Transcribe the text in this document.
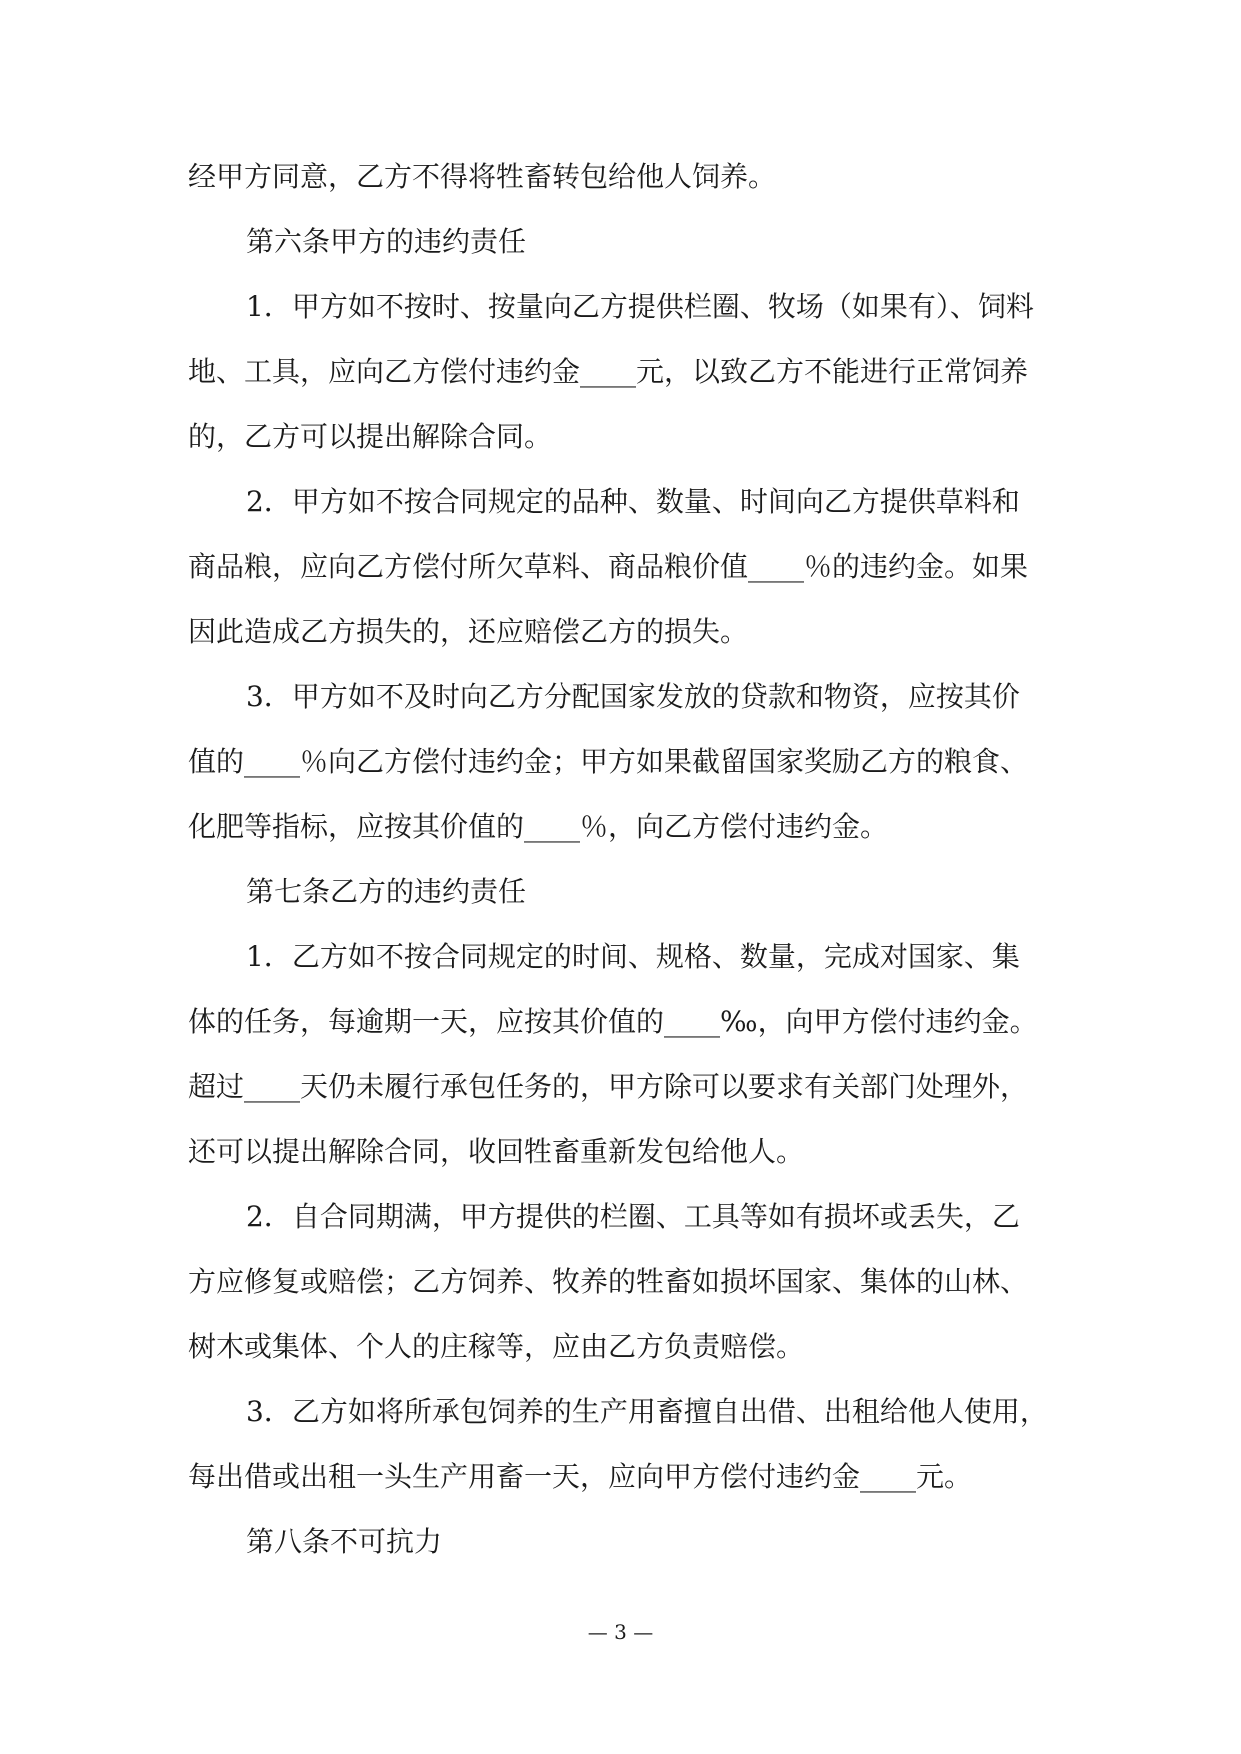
经甲方同意，乙方不得将牲畜转包给他人饲养。
第六条甲方的违约责任
1．甲方如不按时、按量向乙方提供栏圈、牧场（如果有）、饲料
地、工具，应向乙方偿付违约金____元，以致乙方不能进行正常饲养
的，乙方可以提出解除合同。
2．甲方如不按合同规定的品种、数量、时间向乙方提供草料和
商品粮，应向乙方偿付所欠草料、商品粮价值____％的违约金。如果
因此造成乙方损失的，还应赔偿乙方的损失。
3．甲方如不及时向乙方分配国家发放的贷款和物资，应按其价
值的____％向乙方偿付违约金；甲方如果截留国家奖励乙方的粮食、
化肥等指标，应按其价值的____％，向乙方偿付违约金。
第七条乙方的违约责任
1．乙方如不按合同规定的时间、规格、数量，完成对国家、集
体的任务，每逾期一天，应按其价值的____‰，向甲方偿付违约金。
超过____天仍未履行承包任务的，甲方除可以要求有关部门处理外，
还可以提出解除合同，收回牲畜重新发包给他人。
2．自合同期满，甲方提供的栏圈、工具等如有损坏或丢失，乙
方应修复或赔偿；乙方饲养、牧养的牲畜如损坏国家、集体的山林、
树木或集体、个人的庄稼等，应由乙方负责赔偿。
3．乙方如将所承包饲养的生产用畜擅自出借、出租给他人使用，
每出借或出租一头生产用畜一天，应向甲方偿付违约金____元。
第八条不可抗力
— 3 —
